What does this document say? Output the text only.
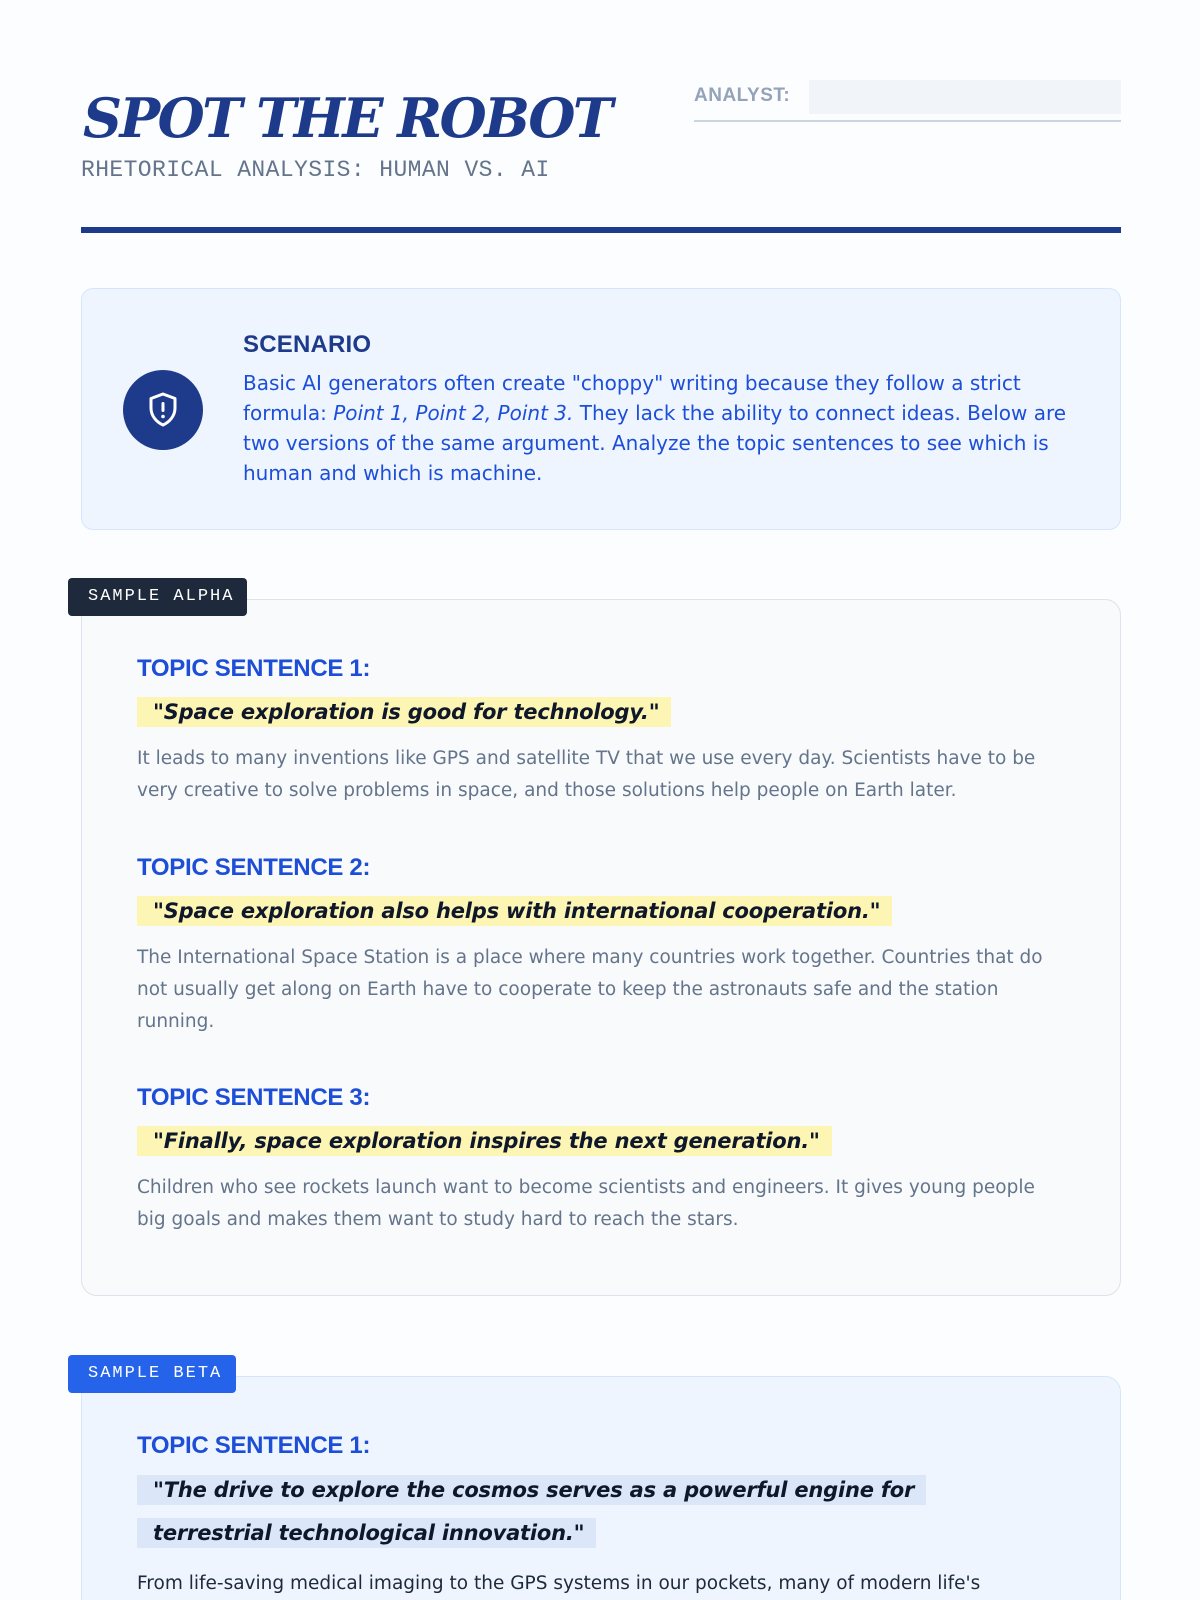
SPOT THE ROBOT
RHETORICAL ANALYSIS: HUMAN VS. AI
ANALYST:
SCENARIO
Basic AI generators often create "choppy" writing because they follow a strict formula: Point 1, Point 2, Point 3. They lack the ability to connect ideas. Below are two versions of the same argument. Analyze the topic sentences to see which is human and which is machine.
TOPIC SENTENCE 1:
"Space exploration is good for technology."
It leads to many inventions like GPS and satellite TV that we use every day. Scientists have to be very creative to solve problems in space, and those solutions help people on Earth later.
TOPIC SENTENCE 2:
"Space exploration also helps with international cooperation."
The International Space Station is a place where many countries work together. Countries that do not usually get along on Earth have to cooperate to keep the astronauts safe and the station running.
TOPIC SENTENCE 3:
"Finally, space exploration inspires the next generation."
Children who see rockets launch want to become scientists and engineers. It gives young people big goals and makes them want to study hard to reach the stars.
SAMPLE ALPHA
TOPIC SENTENCE 1:
"The drive to explore the cosmos serves as a powerful engine for terrestrial technological innovation."
From life-saving medical imaging to the GPS systems in our pockets, many of modern life's
SAMPLE BETA
